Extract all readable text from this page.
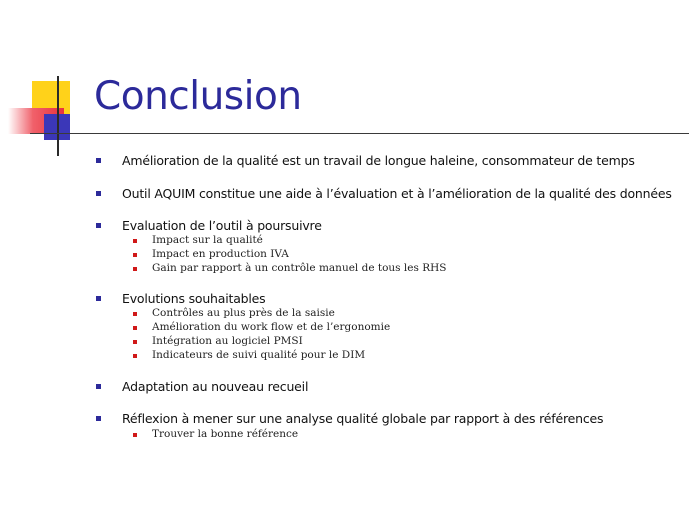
Conclusion
Amélioration de la qualité est un travail de longue haleine, consommateur de temps
Outil AQUIM constitue une aide à l’évaluation et à l’amélioration de la qualité des données
Evaluation de l’outil à poursuivre
Impact sur la qualité
Impact en production IVA
Gain par rapport à un contrôle manuel de tous les RHS
Evolutions souhaitables
Contrôles au plus près de la saisie
Amélioration du work flow et de l’ergonomie
Intégration au logiciel PMSI
Indicateurs de suivi qualité pour le DIM
Adaptation au nouveau recueil
Réflexion à mener sur une analyse qualité globale par rapport à des références
Trouver la bonne référence
